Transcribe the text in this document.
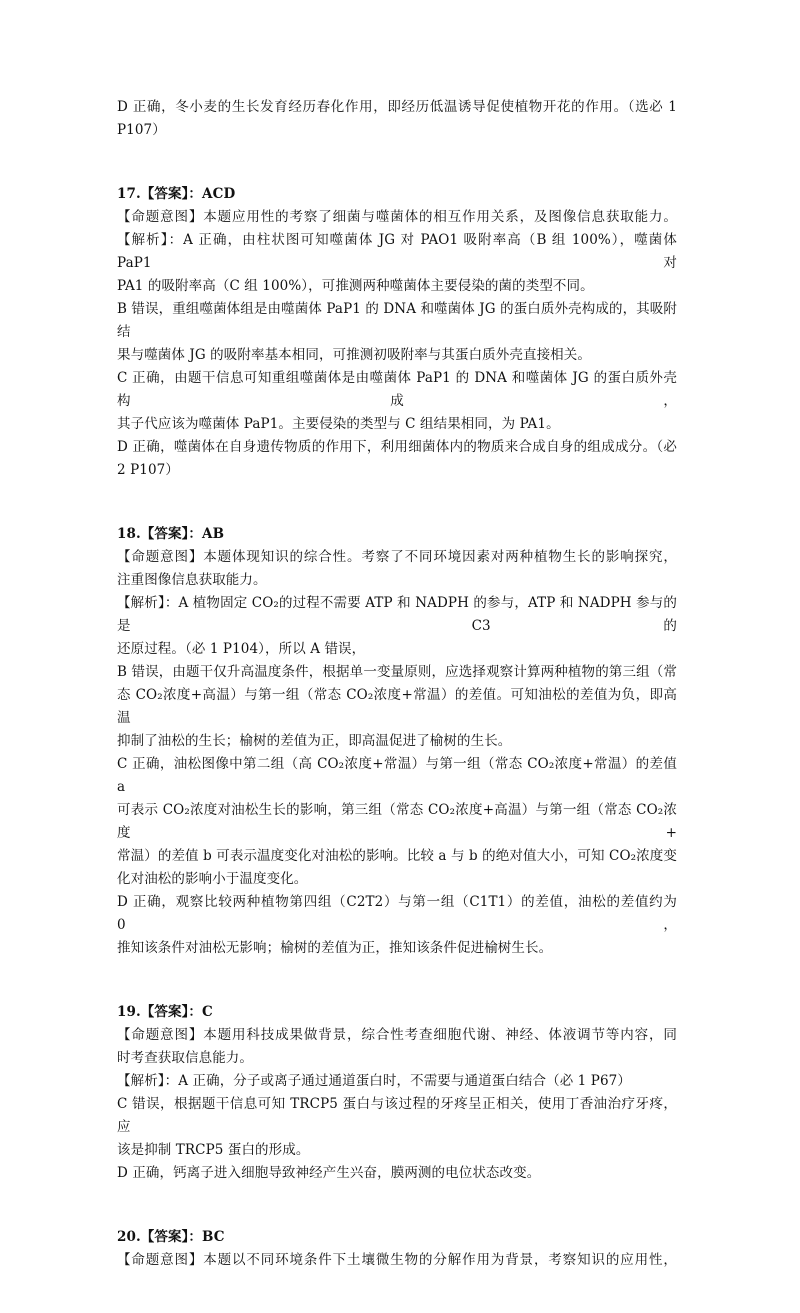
D 正确，冬小麦的生长发育经历春化作用，即经历低温诱导促使植物开花的作用。（选必 1
P107）
17.【答案】：ACD
【命题意图】本题应用性的考察了细菌与噬菌体的相互作用关系，及图像信息获取能力。
【解析】：A 正确，由柱状图可知噬菌体 JG 对 PAO1 吸附率高（B 组 100%），噬菌体 PaP1 对
PA1 的吸附率高（C 组 100%），可推测两种噬菌体主要侵染的菌的类型不同。
B 错误，重组噬菌体组是由噬菌体 PaP1 的 DNA 和噬菌体 JG 的蛋白质外壳构成的，其吸附结
果与噬菌体 JG 的吸附率基本相同，可推测初吸附率与其蛋白质外壳直接相关。
C 正确，由题干信息可知重组噬菌体是由噬菌体 PaP1 的 DNA 和噬菌体 JG 的蛋白质外壳构成，
其子代应该为噬菌体 PaP1。主要侵染的类型与 C 组结果相同，为 PA1。
D 正确，噬菌体在自身遗传物质的作用下，利用细菌体内的物质来合成自身的组成成分。（必
2 P107）
18.【答案】：AB
【命题意图】本题体现知识的综合性。考察了不同环境因素对两种植物生长的影响探究，
注重图像信息获取能力。
【解析】：A 植物固定 CO₂的过程不需要 ATP 和 NADPH 的参与，ATP 和 NADPH 参与的是 C3 的
还原过程。（必 1 P104），所以 A 错误，
B 错误，由题干仅升高温度条件，根据单一变量原则，应选择观察计算两种植物的第三组（常
态 CO₂浓度+高温）与第一组（常态 CO₂浓度+常温）的差值。可知油松的差值为负，即高温
抑制了油松的生长；榆树的差值为正，即高温促进了榆树的生长。
C 正确，油松图像中第二组（高 CO₂浓度+常温）与第一组（常态 CO₂浓度+常温）的差值 a
可表示 CO₂浓度对油松生长的影响，第三组（常态 CO₂浓度+高温）与第一组（常态 CO₂浓度+
常温）的差值 b 可表示温度变化对油松的影响。比较 a 与 b 的绝对值大小，可知 CO₂浓度变
化对油松的影响小于温度变化。
D 正确，观察比较两种植物第四组（C2T2）与第一组（C1T1）的差值，油松的差值约为 0，
推知该条件对油松无影响；榆树的差值为正，推知该条件促进榆树生长。
19.【答案】：C
【命题意图】本题用科技成果做背景，综合性考查细胞代谢、神经、体液调节等内容，同
时考查获取信息能力。
【解析】：A 正确，分子或离子通过通道蛋白时，不需要与通道蛋白结合（必 1 P67）
C 错误，根据题干信息可知 TRCP5 蛋白与该过程的牙疼呈正相关，使用丁香油治疗牙疼，应
该是抑制 TRCP5 蛋白的形成。
D 正确，钙离子进入细胞导致神经产生兴奋，膜两测的电位状态改变。
20.【答案】：BC
【命题意图】本题以不同环境条件下土壤微生物的分解作用为背景，考察知识的应用性，
